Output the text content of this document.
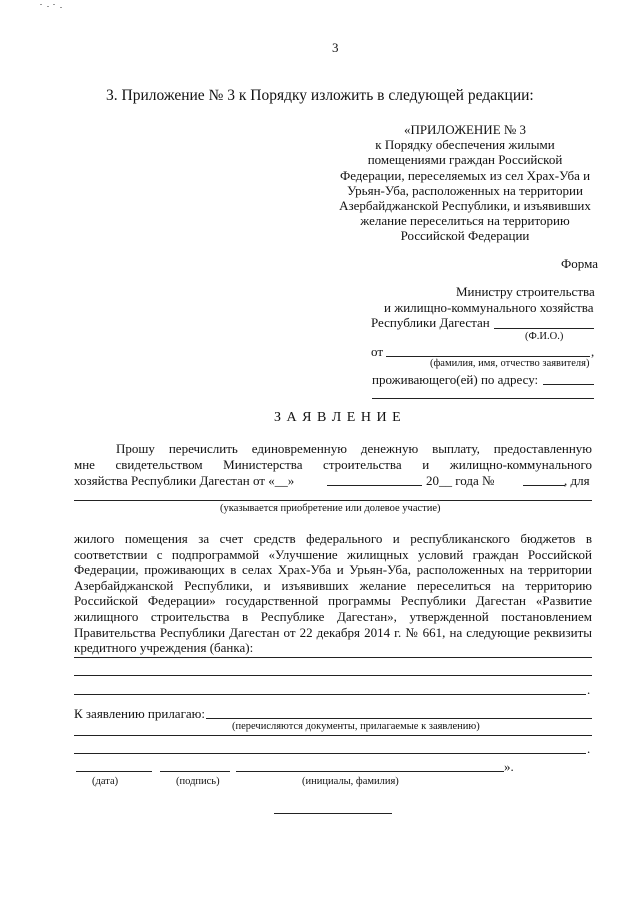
3
3. Приложение № 3 к Порядку изложить в следующей редакции:
«ПРИЛОЖЕНИЕ № 3
к Порядку обеспечения жилыми
помещениями граждан Российской
Федерации, переселяемых из сел Храх-Уба и
Урьян-Уба, расположенных на территории
Азербайджанской Республики, и изъявивших
желание переселиться на территорию
Российской Федерации
Форма
Министру строительства
и жилищно-коммунального хозяйства
Республики Дагестан
(Ф.И.О.)
от	,
(фамилия, имя, отчество заявителя)
проживающего(ей) по адресу:
З А Я В Л Е Н И Е
Прошу перечислить единовременную денежную выплату, предоставленную
мне свидетельством Министерства строительства и жилищно-коммунального
хозяйства Республики Дагестан от «__»	20__ года №	, для
(указывается приобретение или долевое участие)
жилого помещения за счет средств федерального и республиканского бюджетов в
соответствии с подпрограммой «Улучшение жилищных условий граждан Российской
Федерации, проживающих в селах Храх-Уба и Урьян-Уба, расположенных на территории
Азербайджанской Республики, и изъявивших желание переселиться на территорию
Российской Федерации» государственной программы Республики Дагестан «Развитие
жилищного строительства в Республике Дагестан», утвержденной постановлением
Правительства Республики Дагестан от 22 декабря 2014 г. № 661, на следующие реквизиты
кредитного учреждения (банка):
.
К заявлению прилагаю:
(перечисляются документы, прилагаемые к заявлению)
.
».
(дата)	(подпись)	(инициалы, фамилия)
